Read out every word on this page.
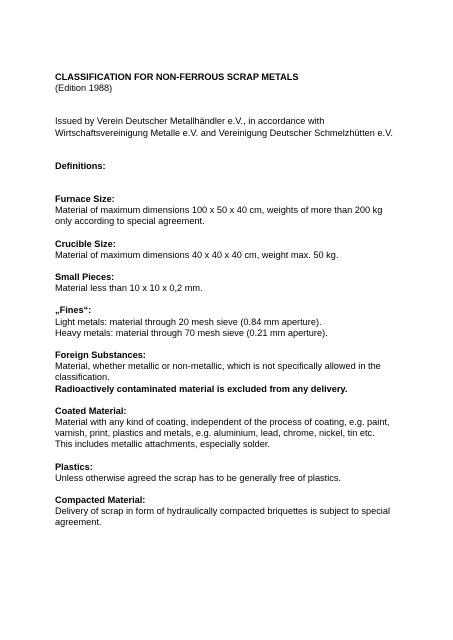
CLASSIFICATION FOR NON-FERROUS SCRAP METALS

(Edition 1988)

Issued by Verein Deutscher Metallhändler e.V., in accordance with

Wirtschaftsvereinigung Metalle e.V. and Vereinigung Deutscher Schmelzhütten e.V.

Definitions:

Furnace Size:

Material of maximum dimensions 100 x 50 x 40 cm, weights of more than 200 kg

only according to special agreement.

Crucible Size:

Material of maximum dimensions 40 x 40 x 40 cm, weight max. 50 kg.

Small Pieces:

Material less than 10 x 10 x 0,2 mm.

„Fines“:

Light metals: material through 20 mesh sieve (0.84 mm aperture).

Heavy metals: material through 70 mesh sieve (0.21 mm aperture).

Foreign Substances:

Material, whether metallic or non-metallic, which is not specifically allowed in the

classification.

Radioactively contaminated material is excluded from any delivery.

Coated Material:

Material with any kind of coating, independent of the process of coating, e.g. paint,

varnish, print, plastics and metals, e.g. aluminium, lead, chrome, nickel, tin etc.

This includes metallic attachments, especially solder.

Plastics:

Unless otherwise agreed the scrap has to be generally free of plastics.

Compacted Material:

Delivery of scrap in form of hydraulically compacted briquettes is subject to special

agreement.
